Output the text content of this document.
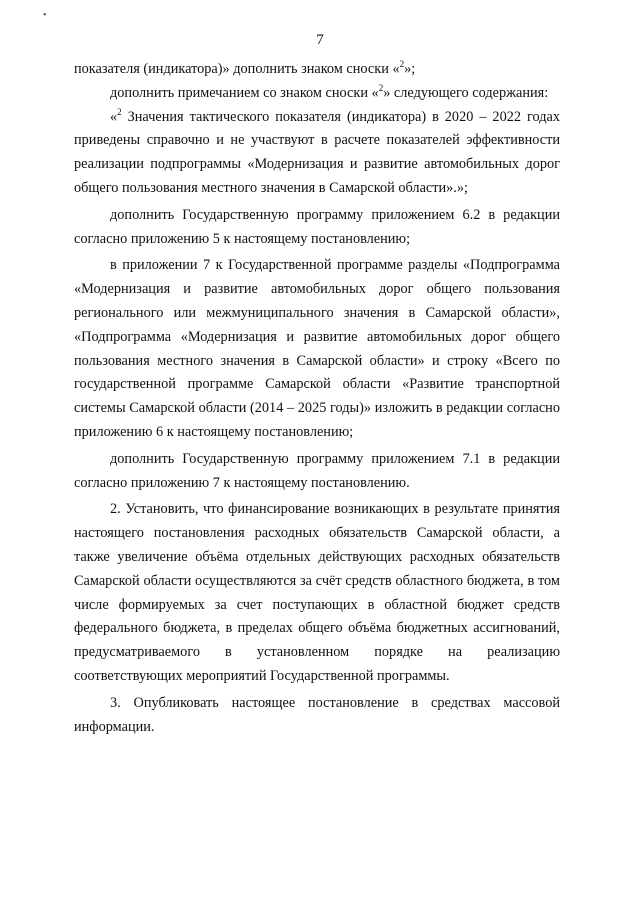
•
7

показателя (индикатора)» дополнить знаком сноски «$^2$»;

дополнить примечанием со знаком сноски «$^2$» следующего содержания:

«$^2$ Значения тактического показателя (индикатора) в 2020 – 2022 годах приведены справочно и не участвуют в расчете показателей эффективности реализации подпрограммы «Модернизация и развитие автомобильных дорог общего пользования местного значения в Самарской области».»;

дополнить Государственную программу приложением 6.2 в редакции согласно приложению 5 к настоящему постановлению;

в приложении 7 к Государственной программе разделы «Подпрограмма «Модернизация и развитие автомобильных дорог общего пользования регионального или межмуниципального значения в Самарской области», «Подпрограмма «Модернизация и развитие автомобильных дорог общего пользования местного значения в Самарской области» и строку «Всего по государственной программе Самарской области «Развитие транспортной системы Самарской области (2014 – 2025 годы)» изложить в редакции согласно приложению 6 к настоящему постановлению;

дополнить Государственную программу приложением 7.1 в редакции согласно приложению 7 к настоящему постановлению.

2. Установить, что финансирование возникающих в результате принятия настоящего постановления расходных обязательств Самарской области, а также увеличение объёма отдельных действующих расходных обязательств Самарской области осуществляются за счёт средств областного бюджета, в том числе формируемых за счет поступающих в областной бюджет средств федерального бюджета, в пределах общего объёма бюджетных ассигнований, предусматриваемого в установленном порядке на реализацию соответствующих мероприятий Государственной программы.

3. Опубликовать настоящее постановление в средствах массовой информации.
